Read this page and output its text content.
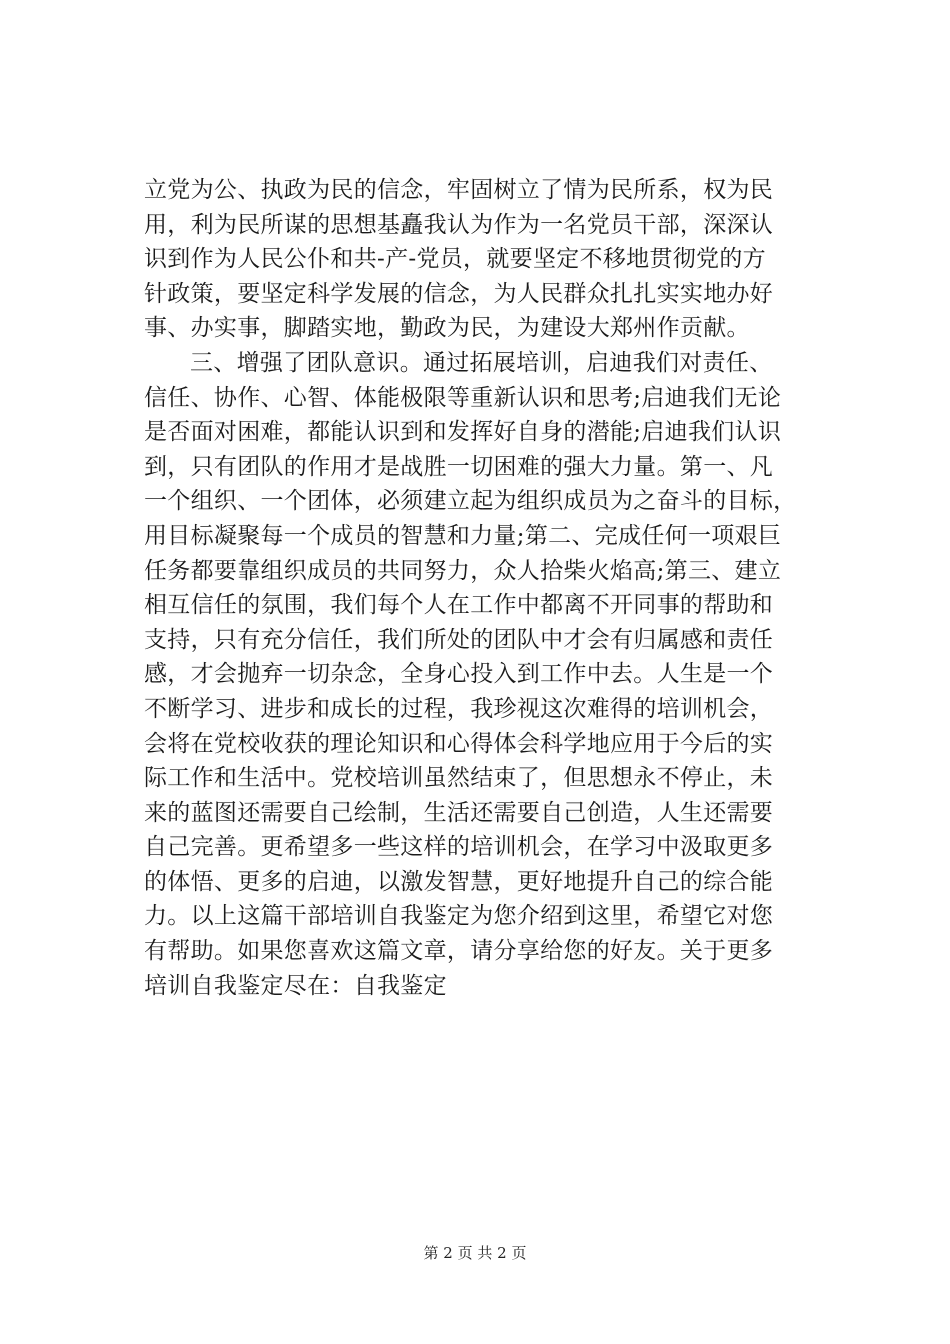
立党为公、执政为民的信念，牢固树立了情为民所系，权为民
用，利为民所谋的思想基矗我认为作为一名党员干部，深深认
识到作为人民公仆和共-产-党员，就要坚定不移地贯彻党的方
针政策，要坚定科学发展的信念，为人民群众扎扎实实地办好
事、办实事，脚踏实地，勤政为民，为建设大郑州作贡献。
三、增强了团队意识。通过拓展培训，启迪我们对责任、
信任、协作、心智、体能极限等重新认识和思考;启迪我们无论
是否面对困难，都能认识到和发挥好自身的潜能;启迪我们认识
到，只有团队的作用才是战胜一切困难的强大力量。第一、凡
一个组织、一个团体，必须建立起为组织成员为之奋斗的目标，
用目标凝聚每一个成员的智慧和力量;第二、完成任何一项艰巨
任务都要靠组织成员的共同努力，众人拾柴火焰高;第三、建立
相互信任的氛围，我们每个人在工作中都离不开同事的帮助和
支持，只有充分信任，我们所处的团队中才会有归属感和责任
感，才会抛弃一切杂念，全身心投入到工作中去。人生是一个
不断学习、进步和成长的过程，我珍视这次难得的培训机会，
会将在党校收获的理论知识和心得体会科学地应用于今后的实
际工作和生活中。党校培训虽然结束了，但思想永不停止，未
来的蓝图还需要自己绘制，生活还需要自己创造，人生还需要
自己完善。更希望多一些这样的培训机会，在学习中汲取更多
的体悟、更多的启迪，以激发智慧，更好地提升自己的综合能
力。以上这篇干部培训自我鉴定为您介绍到这里，希望它对您
有帮助。如果您喜欢这篇文章，请分享给您的好友。关于更多
培训自我鉴定尽在：自我鉴定
第 2 页 共 2 页
